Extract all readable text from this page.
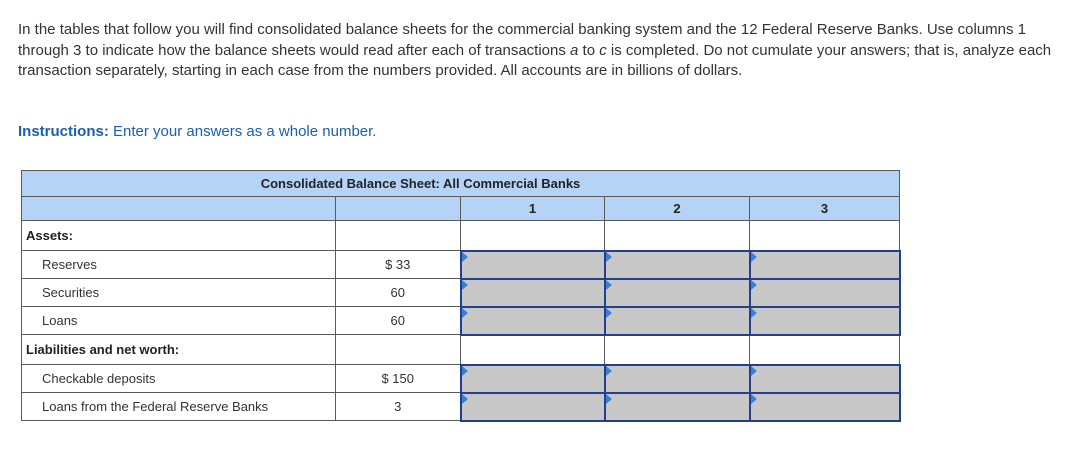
In the tables that follow you will find consolidated balance sheets for the commercial banking system and the 12 Federal Reserve Banks. Use columns 1 through 3 to indicate how the balance sheets would read after each of transactions a to c is completed. Do not cumulate your answers; that is, analyze each transaction separately, starting in each case from the numbers provided. All accounts are in billions of dollars.

Instructions: Enter your answers as a whole number.

Consolidated Balance Sheet: All Commercial Banks				
		1	2	3
Assets:				
Reserves	$ 33			
Securities	60			
Loans	60			
Liabilities and net worth:				
Checkable deposits	$ 150			
Loans from the Federal Reserve Banks	3			
